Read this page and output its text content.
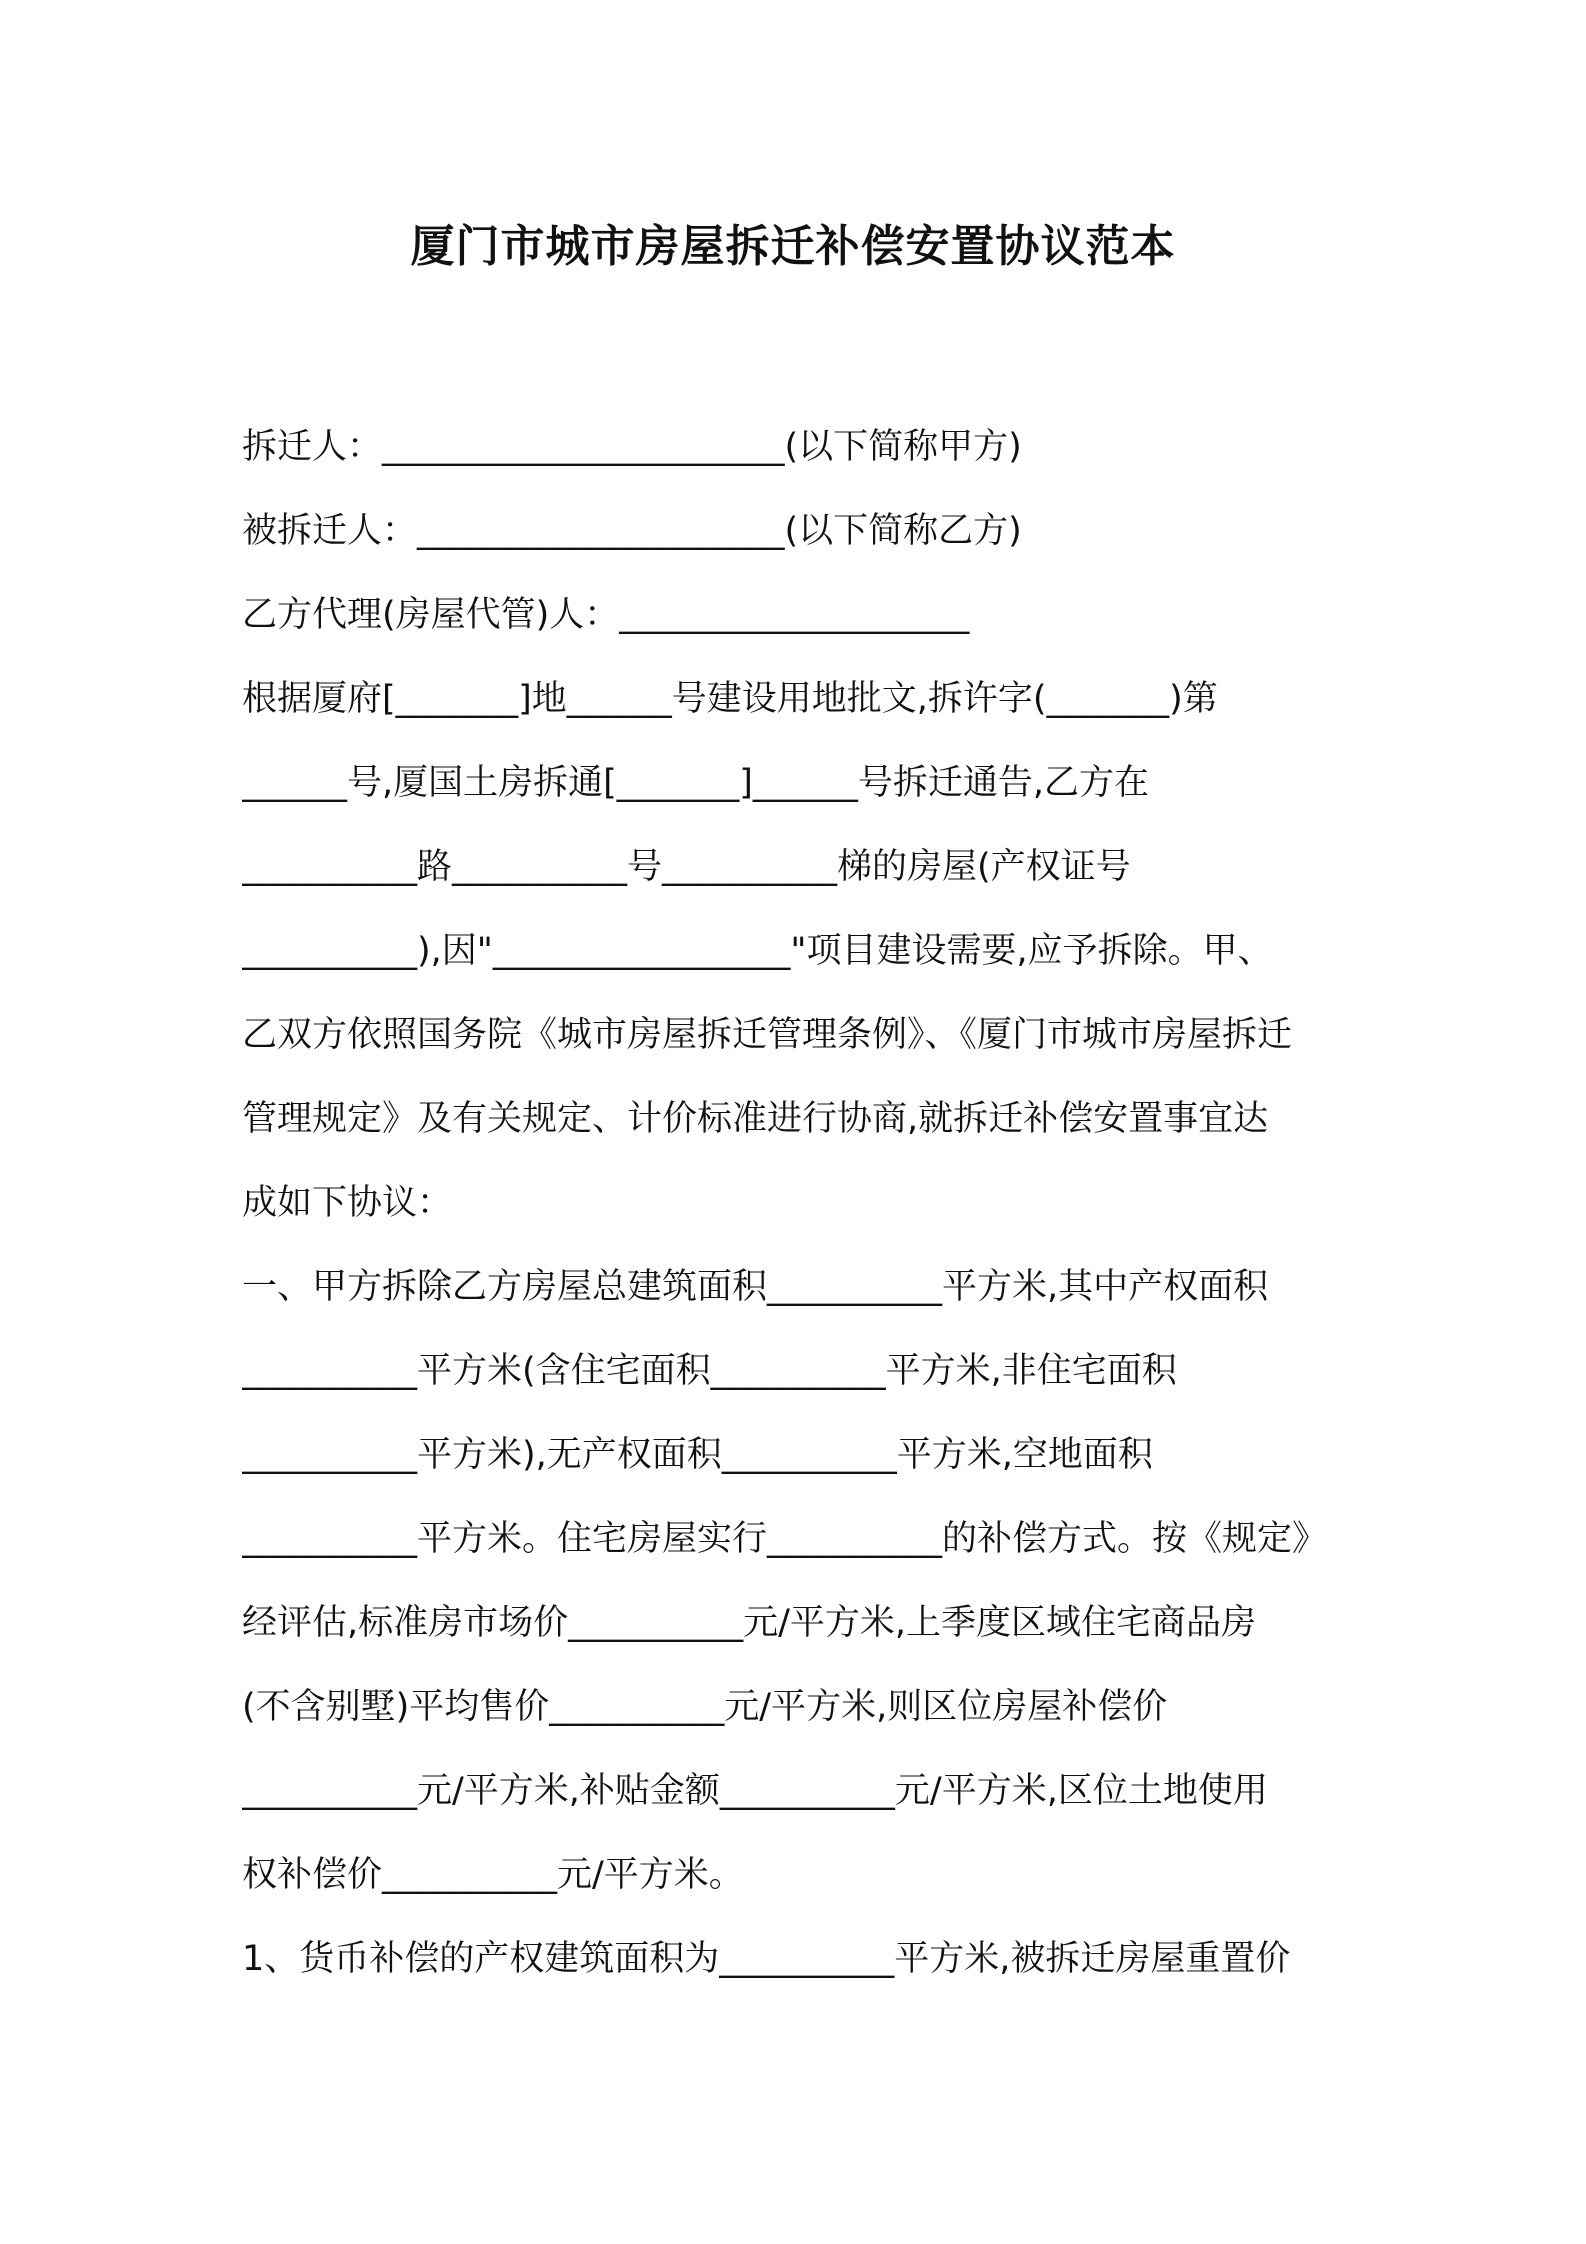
厦门市城市房屋拆迁补偿安置协议范本
拆迁人：_______________________(以下简称甲方)
被拆迁人：_____________________(以下简称乙方)
乙方代理(房屋代管)人：____________________
根据厦府[_______]地______号建设用地批文,拆许字(_______)第
______号,厦国土房拆通[_______]______号拆迁通告,乙方在
__________路__________号__________梯的房屋(产权证号
__________),因"_________________"项目建设需要,应予拆除。甲、
乙双方依照国务院《城市房屋拆迁管理条例》、《厦门市城市房屋拆迁
管理规定》及有关规定、计价标准进行协商,就拆迁补偿安置事宜达
成如下协议：
一、甲方拆除乙方房屋总建筑面积__________平方米,其中产权面积
__________平方米(含住宅面积__________平方米,非住宅面积
__________平方米),无产权面积__________平方米,空地面积
__________平方米。住宅房屋实行__________的补偿方式。按《规定》
经评估,标准房市场价__________元/平方米,上季度区域住宅商品房
(不含别墅)平均售价__________元/平方米,则区位房屋补偿价
__________元/平方米,补贴金额__________元/平方米,区位土地使用
权补偿价__________元/平方米。
1、货币补偿的产权建筑面积为__________平方米,被拆迁房屋重置价
